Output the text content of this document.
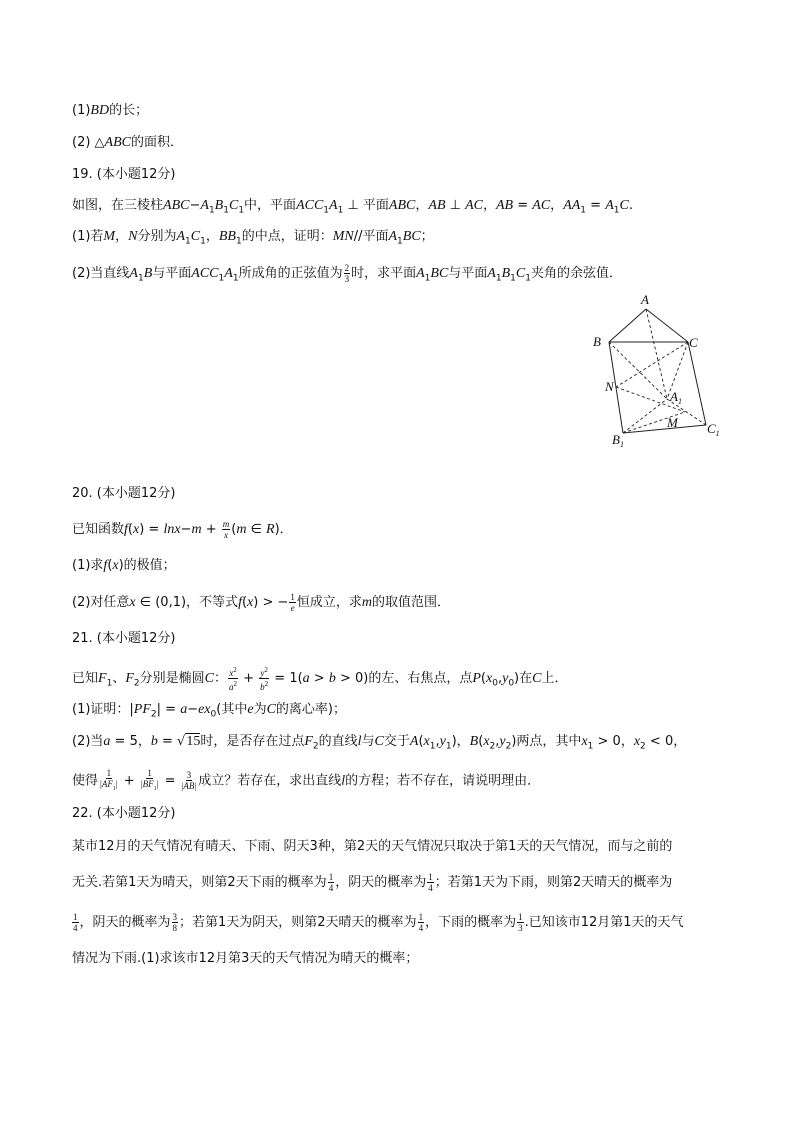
(1)BD的长；
(2) △ABC的面积．
19. (本小题12分)
如图，在三棱柱$ABC-A_1B_1C_1$中，平面$ACC_1A_1$ ⊥ 平面ABC，AB ⊥ AC，AB = AC，$AA_1 = A_1C$.
(1)若M，N分别为$A_1C_1$，$BB_1$的中点，证明：MN//平面$A_1BC$；
(2)当直线$A_1B$与平面$ACC_1A_1$所成角的正弦值为 $\frac{2}{3}$ 时，求平面$A_1BC$与平面$A_1B_1C_1$夹角的余弦值．
A
B	C
N
$A_1$
M
$B_1$
$C_1$
20. (本小题12分)
已知函数$f(x) = \ln x-m + \frac{m}{x} (m$ ∈ R)．
(1)求f(x)的极值；
(2)对任意x ∈ (0,1)，不等式f(x) > − $\frac{1}{e}$ 恒成立，求m的取值范围．
21. (本小题12分)
已知$F_1$、$F_2$分别是椭圆C： $\frac{x^2}{a^2} + \frac{y^2}{b^2} = 1(a > b > 0)$的左、右焦点，点$P(x_0,y_0)$在C上．
(1)证明：$|PF_2| = a-ex_0$(其中e为C的离心率)；
(2)当a = 5，b = √15时，是否存在过点$F_2$的直线l与C交于$A(x_1,y_1)$，$B(x_2,y_2)$两点，其中$x_1 > 0$，$x_2 < 0$，
使得 $\frac{1}{|AF_1|} + \frac{1}{|BF_1|} = \frac{3}{|AB|}$ 成立？若存在，求出直线l的方程；若不存在，请说明理由．
22. (本小题12分)
某市12月的天气情况有晴天、下雨、阴天3种，第2天的天气情况只取决于第1天的天气情况，而与之前的
无关.若第1天为晴天，则第2天下雨的概率为 $\frac{1}{4}$ ，阴天的概率为 $\frac{1}{4}$ ；若第1天为下雨，则第2天晴天的概率为
$\frac{1}{4}$ ，阴天的概率为 $\frac{3}{8}$ ；若第1天为阴天，则第2天晴天的概率为 $\frac{1}{4}$ ，下雨的概率为 $\frac{1}{3}$ .已知该市12月第1天的天气
情况为下雨.(1)求该市12月第3天的天气情况为晴天的概率；
